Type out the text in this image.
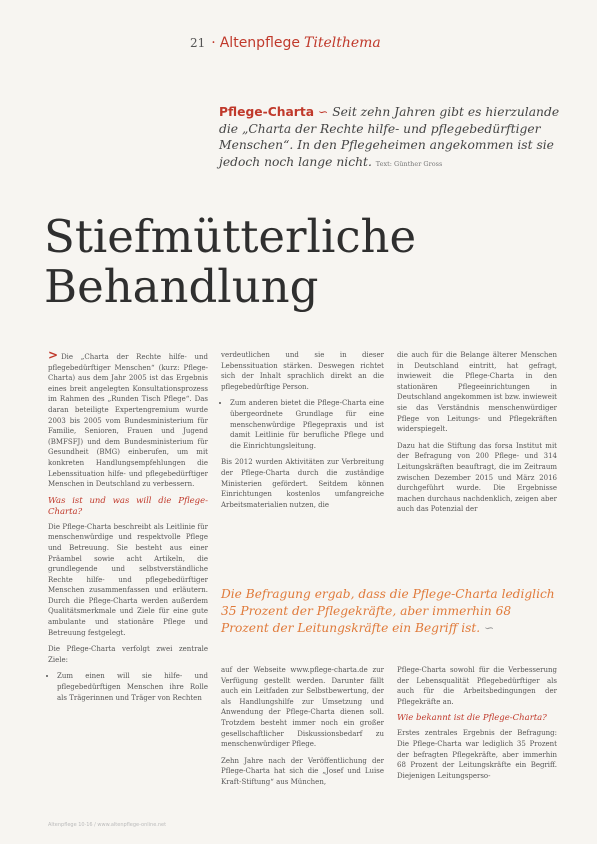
21 · Altenpflege Titelthema
Pflege-Charta ∽ Seit zehn Jahren gibt es hierzulande die „Charta der Rechte hilfe- und pflegebedürftiger Menschen“. In den Pflegeheimen angekommen ist sie jedoch noch lange nicht. Text: Günther Gross
Stiefmütterliche
Behandlung

> Die „Charta der Rechte hilfe- und pflegebedürftiger Menschen“ (kurz: Pflege-Charta) aus dem Jahr 2005 ist das Ergebnis eines breit angelegten Konsultationsprozess im Rahmen des „Runden Tisch Pflege“. Das daran beteiligte Expertengremium wurde 2003 bis 2005 vom Bundesministerium für Familie, Senioren, Frauen und Jugend (BMFSFJ) und dem Bundesministerium für Gesundheit (BMG) einberufen, um mit konkreten Handlungsempfehlungen die Lebenssituation hilfe- und pflegebedürftiger Menschen in Deutschland zu verbessern.

Was ist und was will die Pflege-Charta?

Die Pflege-Charta beschreibt als Leitlinie für menschenwürdige und respektvolle Pflege und Betreuung. Sie besteht aus einer Präambel sowie acht Artikeln, die grundlegende und selbstverständliche Rechte hilfe- und pflegebedürftiger Menschen zusammenfassen und erläutern. Durch die Pflege-Charta werden außerdem Qualitätsmerkmale und Ziele für eine gute ambulante und stationäre Pflege und Betreuung festgelegt.

Die Pflege-Charta verfolgt zwei zentrale Ziele:

• Zum einen will sie hilfe- und pflegebedürftigen Menschen ihre Rolle als Trägerinnen und Träger von Rechten

verdeutlichen und sie in dieser Lebenssituation stärken. Deswegen richtet sich der Inhalt sprachlich direkt an die pflegebedürftige Person.

• Zum anderen bietet die Pflege-Charta eine übergeordnete Grundlage für eine menschenwürdige Pflegepraxis und ist damit Leitlinie für berufliche Pflege und die Einrichtungsleitung.

Bis 2012 wurden Aktivitäten zur Verbreitung der Pflege-Charta durch die zuständige Ministerien gefördert. Seitdem können Einrichtungen kostenlos umfangreiche Arbeitsmaterialien nutzen, die

die auch für die Belange älterer Menschen in Deutschland eintritt, hat gefragt, inwieweit die Pflege-Charta in den stationären Pflegeeinrichtungen in Deutschland angekommen ist bzw. inwieweit sie das Verständnis menschenwürdiger Pflege von Leitungs- und Pflegekräften widerspiegelt.

Dazu hat die Stiftung das forsa Institut mit der Befragung von 200 Pflege- und 314 Leitungskräften beauftragt, die im Zeitraum zwischen Dezember 2015 und März 2016 durchgeführt wurde. Die Ergebnisse machen durchaus nachdenklich, zeigen aber auch das Potenzial der

Die Befragung ergab, dass die Pflege-Charta lediglich 35 Prozent der Pflegekräfte, aber immerhin 68 Prozent der Leitungskräfte ein Begriff ist. ∽

auf der Webseite www.pflege-charta.de zur Verfügung gestellt werden. Darunter fällt auch ein Leitfaden zur Selbstbewertung, der als Handlungshilfe zur Umsetzung und Anwendung der Pflege-Charta dienen soll. Trotzdem besteht immer noch ein großer gesellschaftlicher Diskussionsbedarf zu menschenwürdiger Pflege.

Zehn Jahre nach der Veröffentlichung der Pflege-Charta hat sich die „Josef und Luise Kraft-Stiftung“ aus München,

Pflege-Charta sowohl für die Verbesserung der Lebensqualität Pflegebedürftiger als auch für die Arbeitsbedingungen der Pflegekräfte an.

Wie bekannt ist die Pflege-Charta?

Erstes zentrales Ergebnis der Befragung: Die Pflege-Charta war lediglich 35 Prozent der befragten Pflegekräfte, aber immerhin 68 Prozent der Leitungskräfte ein Begriff. Diejenigen Leitungsperso-

Altenpflege 10·16 / www.altenpflege-online.net
